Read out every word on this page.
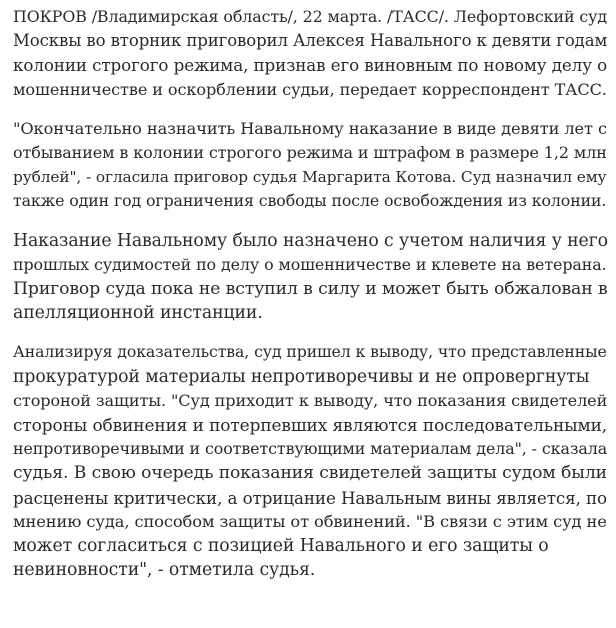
ПОКРОВ /Владимирская область/, 22 марта. /ТАСС/. Лефортовский суд
Москвы во вторник приговорил Алексея Навального к девяти годам
колонии строгого режима, признав его виновным по новому делу о
мошенничестве и оскорблении судьи, передает корреспондент ТАСС.

"Окончательно назначить Навальному наказание в виде девяти лет с
отбыванием в колонии строгого режима и штрафом в размере 1,2 млн
рублей", - огласила приговор судья Маргарита Котова. Суд назначил ему
также один год ограничения свободы после освобождения из колонии.

Наказание Навальному было назначено с учетом наличия у него
прошлых судимостей по делу о мошенничестве и клевете на ветерана.
Приговор суда пока не вступил в силу и может быть обжалован в
апелляционной инстанции.

Анализируя доказательства, суд пришел к выводу, что представленные
прокуратурой материалы непротиворечивы и не опровергнуты
стороной защиты. "Суд приходит к выводу, что показания свидетелей
стороны обвинения и потерпевших являются последовательными,
непротиворечивыми и соответствующими материалам дела", - сказала
судья. В свою очередь показания свидетелей защиты судом были
расценены критически, а отрицание Навальным вины является, по
мнению суда, способом защиты от обвинений. "В связи с этим суд не
может согласиться с позицией Навального и его защиты о
невиновности", - отметила судья.
